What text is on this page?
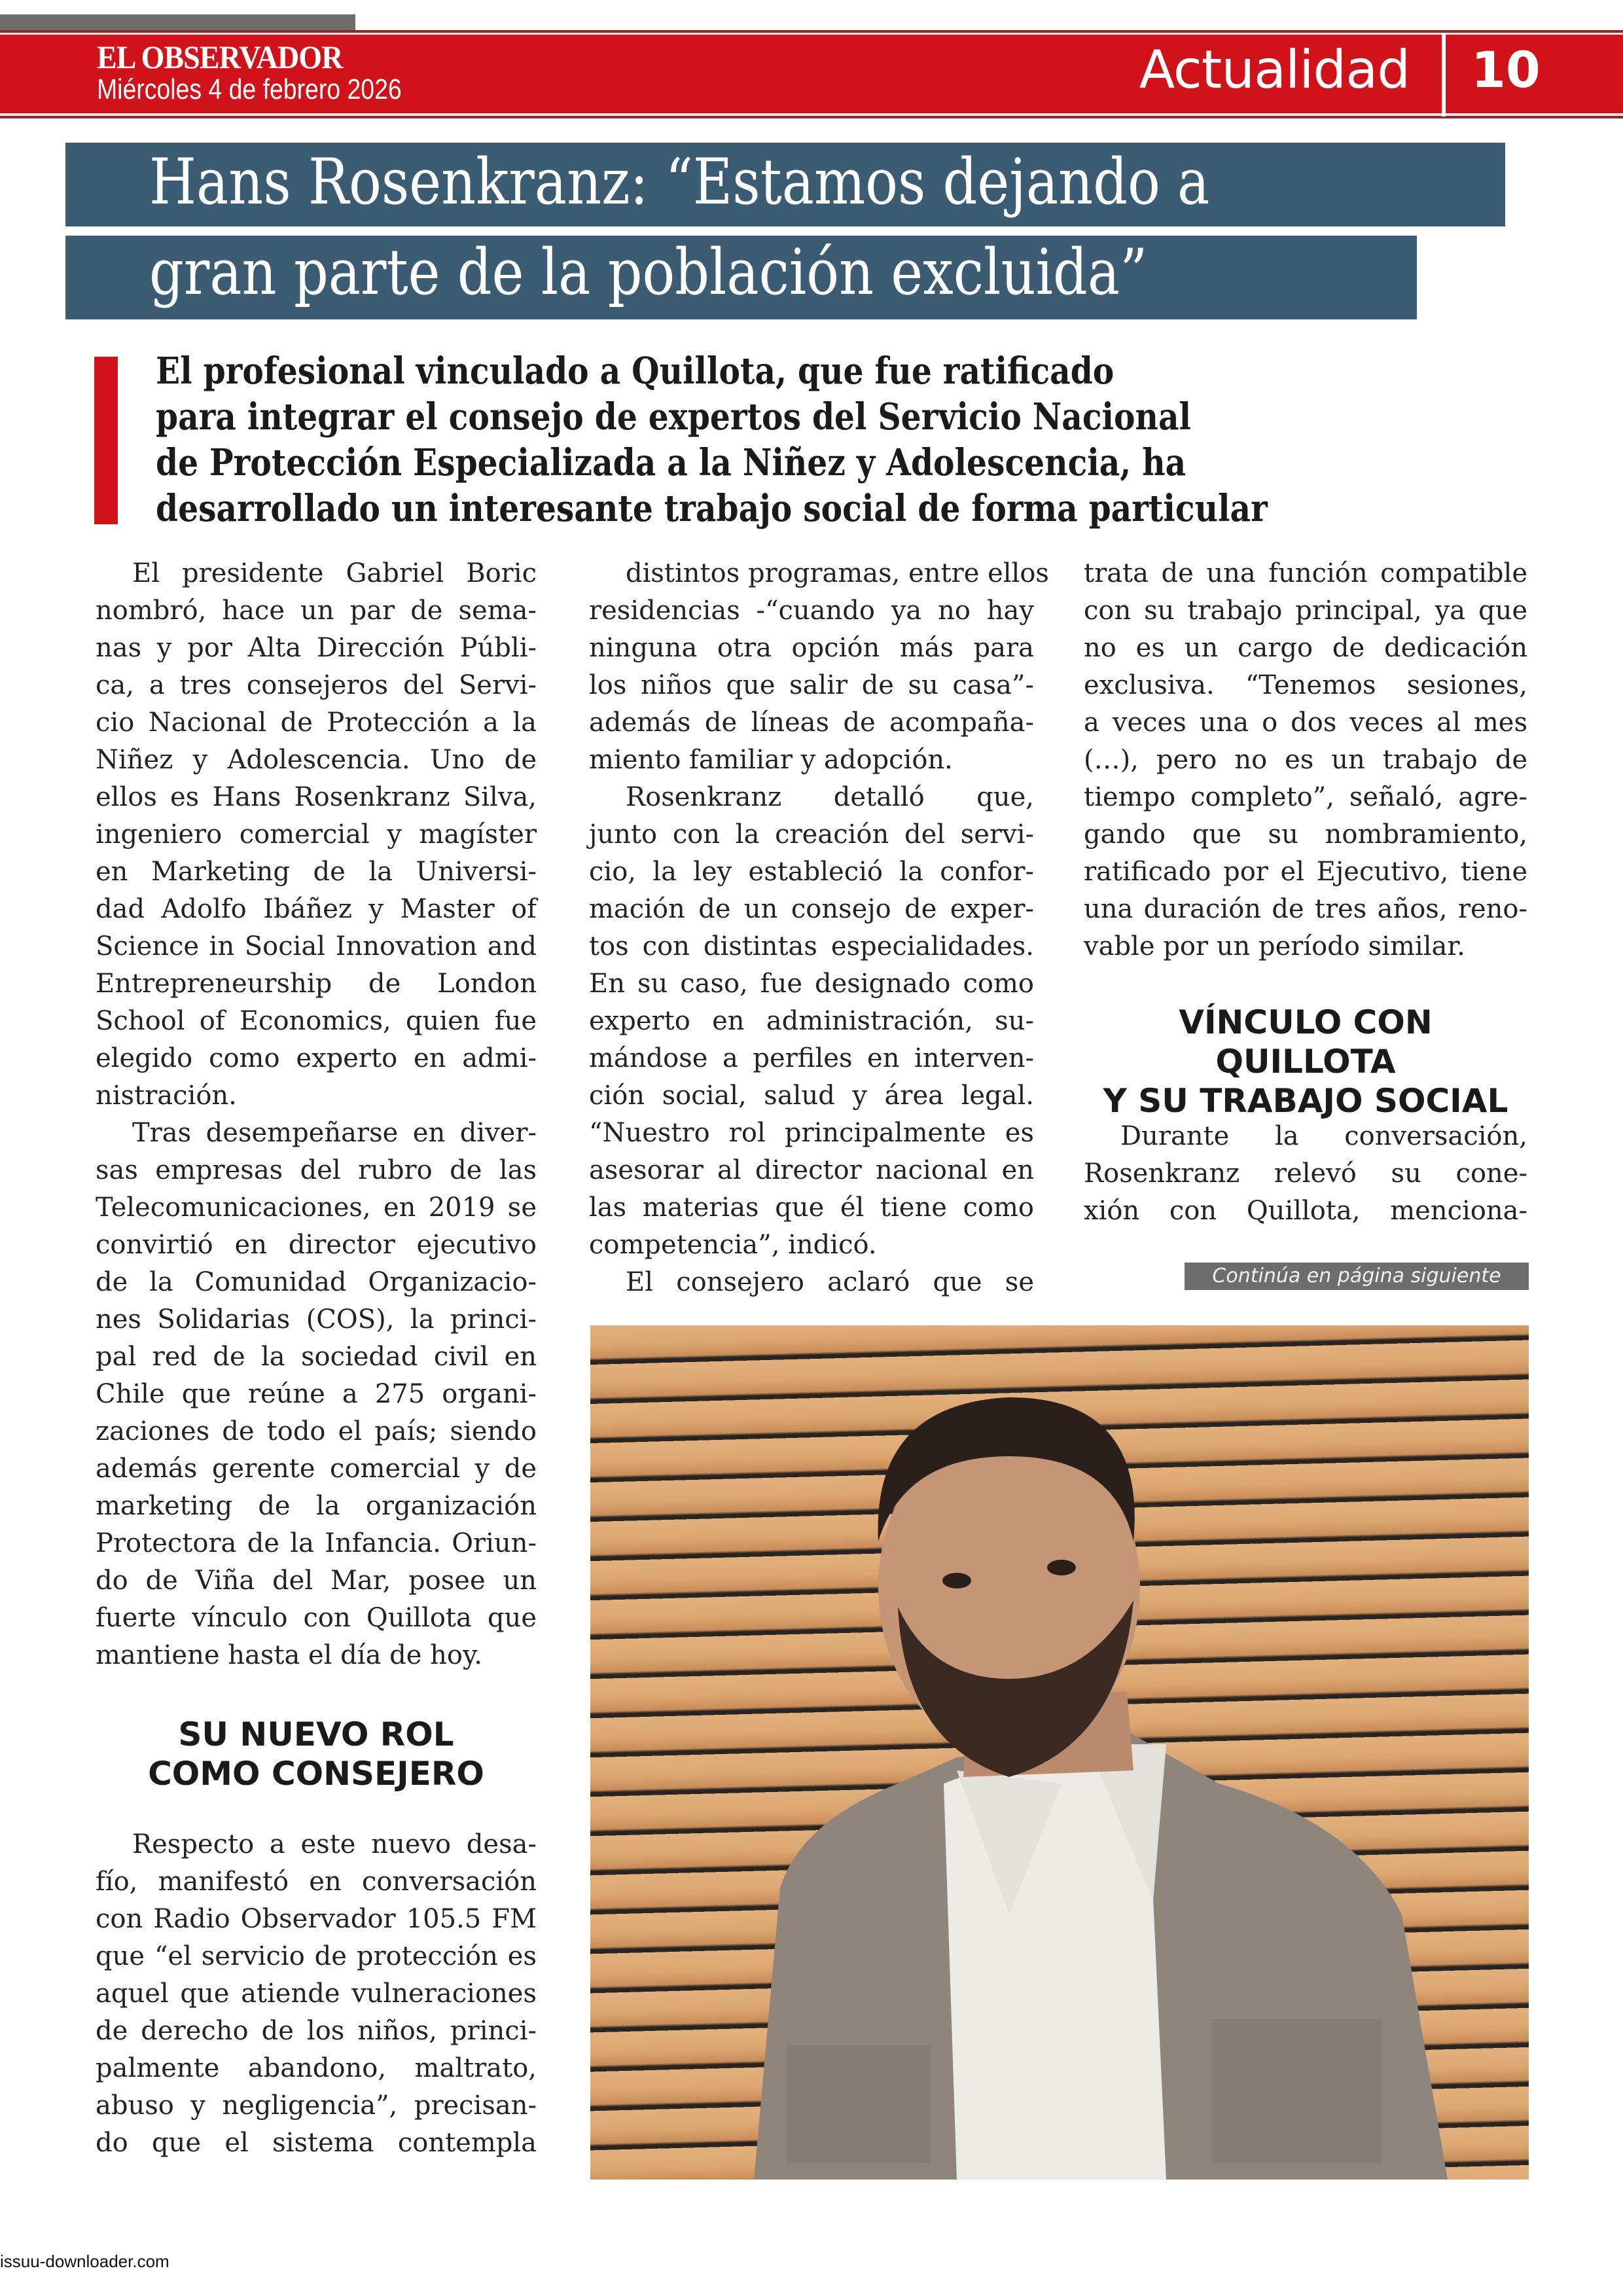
EL OBSERVADOR
Miércoles 4 de febrero 2026	Actualidad 10
Hans Rosenkranz: “Estamos dejando a
gran parte de la población excluida”
El profesional vinculado a Quillota, que fue ratificado
para integrar el consejo de expertos del Servicio Nacional
de Protección Especializada a la Niñez y Adolescencia, ha
desarrollado un interesante trabajo social de forma particular
El presidente Gabriel Boric
nombró, hace un par de sema-
nas y por Alta Dirección Públi-
ca, a tres consejeros del Servi-
cio Nacional de Protección a la
Niñez y Adolescencia. Uno de
ellos es Hans Rosenkranz Silva,
ingeniero comercial y magíster
en Marketing de la Universi-
dad Adolfo Ibáñez y Master of
Science in Social Innovation and
Entrepreneurship de London
School of Economics, quien fue
elegido como experto en admi-
nistración.
Tras desempeñarse en diver-
sas empresas del rubro de las
Telecomunicaciones, en 2019 se
convirtió en director ejecutivo
de la Comunidad Organizacio-
nes Solidarias (COS), la princi-
pal red de la sociedad civil en
Chile que reúne a 275 organi-
zaciones de todo el país; siendo
además gerente comercial y de
marketing de la organización
Protectora de la Infancia. Oriun-
do de Viña del Mar, posee un
fuerte vínculo con Quillota que
mantiene hasta el día de hoy.

SU NUEVO ROL

COMO CONSEJERO

Respecto a este nuevo desa-
fío, manifestó en conversación
con Radio Observador 105.5 FM
que “el servicio de protección es
aquel que atiende vulneraciones
de derecho de los niños, princi-
palmente abandono, maltrato,
abuso y negligencia”, precisan-
do que el sistema contempla
distintos programas, entre ellos
residencias -“cuando ya no hay
ninguna otra opción más para
los niños que salir de su casa”-
además de líneas de acompaña-
miento familiar y adopción.
Rosenkranz detalló que,
junto con la creación del servi-
cio, la ley estableció la confor-
mación de un consejo de exper-
tos con distintas especialidades.
En su caso, fue designado como
experto en administración, su-
mándose a perfiles en interven-
ción social, salud y área legal.
“Nuestro rol principalmente es
asesorar al director nacional en
las materias que él tiene como
competencia”, indicó.
El consejero aclaró que se
trata de una función compatible
con su trabajo principal, ya que
no es un cargo de dedicación
exclusiva. “Tenemos sesiones,
a veces una o dos veces al mes
(…), pero no es un trabajo de
tiempo completo”, señaló, agre-
gando que su nombramiento,
ratificado por el Ejecutivo, tiene
una duración de tres años, reno-
vable por un período similar.

VÍNCULO CON QUILLOTA

Y SU TRABAJO SOCIAL

Durante la conversación,
Rosenkranz relevó su cone-
xión con Quillota, menciona-
Continúa en página siguiente
issuu-downloader.com
